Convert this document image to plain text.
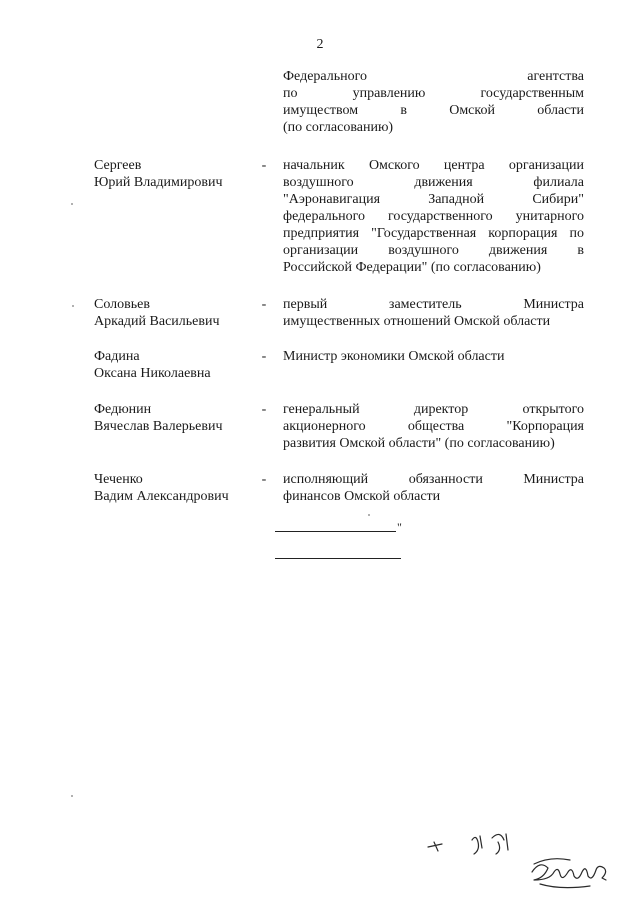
2
Федерального агентства
по управлению государственным
имуществом в Омской области
(по согласованию)
Сергеев
Юрий Владимирович
- начальник Омского центра организации
воздушного движения филиала
"Аэронавигация Западной Сибири"
федерального государственного унитарного
предприятия "Государственная корпорация по
организации воздушного движения в
Российской Федерации" (по согласованию)
Соловьев
Аркадий Васильевич
- первый заместитель Министра
имущественных отношений Омской области
Фадина
Оксана Николаевна
- Министр экономики Омской области
Федюнин
Вячеслав Валерьевич
- генеральный директор открытого
акционерного общества "Корпорация
развития Омской области" (по согласованию)
Чеченко
Вадим Александрович
- исполняющий обязанности Министра
финансов Омской области
"
